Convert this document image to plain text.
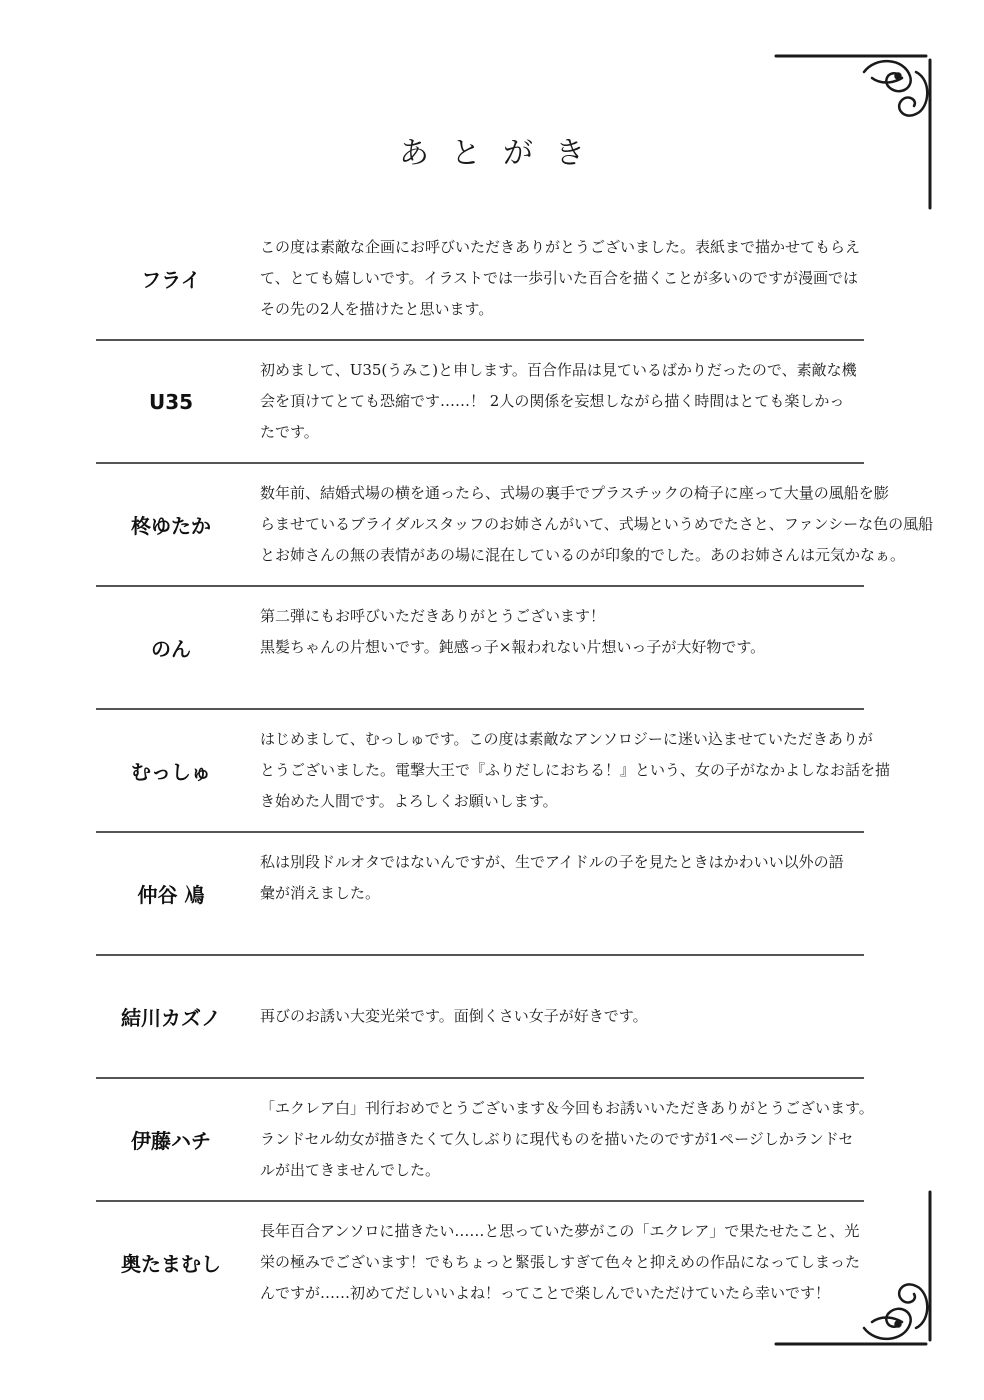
あとがき
フライ
この度は素敵な企画にお呼びいただきありがとうございました。表紙まで描かせてもらえ
て、とても嬉しいです。イラストでは一歩引いた百合を描くことが多いのですが漫画では
その先の2人を描けたと思います。
U35
初めまして、U35(うみこ)と申します。百合作品は見ているばかりだったので、素敵な機
会を頂けてとても恐縮です……！ 2人の関係を妄想しながら描く時間はとても楽しかっ
たです。
柊ゆたか
数年前、結婚式場の横を通ったら、式場の裏手でプラスチックの椅子に座って大量の風船を膨
らませているブライダルスタッフのお姉さんがいて、式場というめでたさと、ファンシーな色の風船
とお姉さんの無の表情があの場に混在しているのが印象的でした。あのお姉さんは元気かなぁ。
のん
第二弾にもお呼びいただきありがとうございます！
黒髪ちゃんの片想いです。鈍感っ子×報われない片想いっ子が大好物です。
むっしゅ
はじめまして、むっしゅです。この度は素敵なアンソロジーに迷い込ませていただきありが
とうございました。電撃大王で『ふりだしにおちる！』という、女の子がなかよしなお話を描
き始めた人間です。よろしくお願いします。
仲谷 鳰
私は別段ドルオタではないんですが、生でアイドルの子を見たときはかわいい以外の語
彙が消えました。
結川カズノ	再びのお誘い大変光栄です。面倒くさい女子が好きです。
伊藤ハチ
「エクレア白」刊行おめでとうございます＆今回もお誘いいただきありがとうございます。
ランドセル幼女が描きたくて久しぶりに現代ものを描いたのですが1ページしかランドセ
ルが出てきませんでした。
奥たまむし
長年百合アンソロに描きたい……と思っていた夢がこの「エクレア」で果たせたこと、光
栄の極みでございます！でもちょっと緊張しすぎて色々と抑えめの作品になってしまった
んですが……初めてだしいいよね！ってことで楽しんでいただけていたら幸いです！
